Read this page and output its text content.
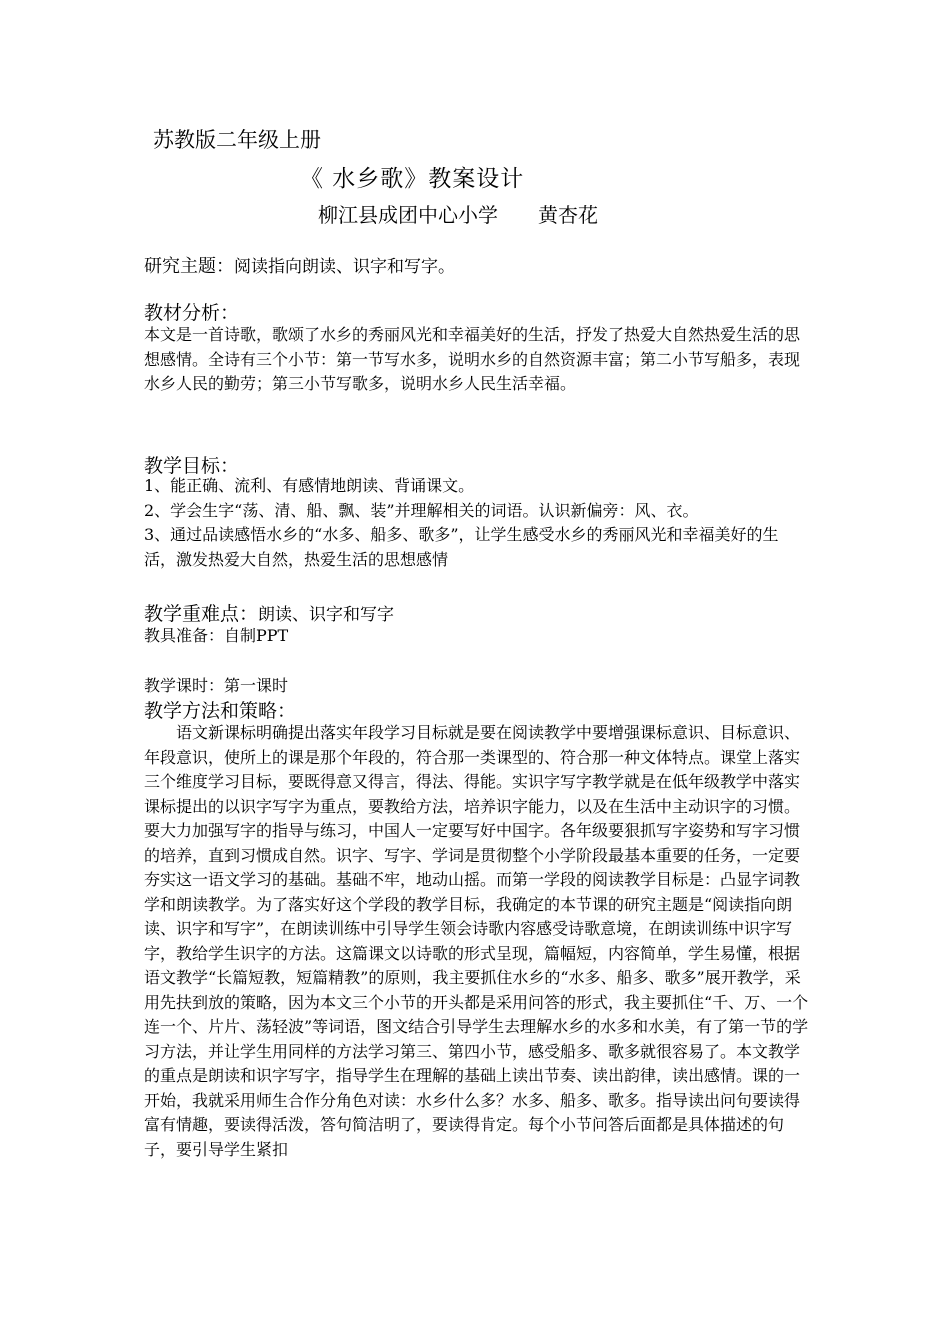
苏教版二年级上册
《 水乡歌》教案设计
柳江县成团中心小学 黄杏花
研究主题：阅读指向朗读、识字和写字。
教材分析：

本文是一首诗歌，歌颂了水乡的秀丽风光和幸福美好的生活，抒发了热爱大自然热爱生活的思想感情。全诗有三个小节：第一节写水多，说明水乡的自然资源丰富；第二小节写船多，表现水乡人民的勤劳；第三小节写歌多，说明水乡人民生活幸福。

教学目标：

1、能正确、流利、有感情地朗读、背诵课文。

2、学会生字“荡、清、船、飘、装”并理解相关的词语。认识新偏旁：风、衣。

3、通过品读感悟水乡的“水多、船多、歌多”，让学生感受水乡的秀丽风光和幸福美好的生活，激发热爱大自然，热爱生活的思想感情

教学重难点：朗读、识字和写字
教具准备：自制PPT
教学课时：第一课时
教学方法和策略：

语文新课标明确提出落实年段学习目标就是要在阅读教学中要增强课标意识、目标意识、年段意识，使所上的课是那个年段的，符合那一类课型的、符合那一种文体特点。课堂上落实三个维度学习目标，要既得意又得言，得法、得能。实识字写字教学就是在低年级教学中落实课标提出的以识字写字为重点，要教给方法，培养识字能力，以及在生活中主动识字的习惯。要大力加强写字的指导与练习，中国人一定要写好中国字。各年级要狠抓写字姿势和写字习惯的培养，直到习惯成自然。识字、写字、学词是贯彻整个小学阶段最基本重要的任务，一定要夯实这一语文学习的基础。基础不牢，地动山摇。而第一学段的阅读教学目标是：凸显字词教学和朗读教学。为了落实好这个学段的教学目标，我确定的本节课的研究主题是“阅读指向朗读、识字和写字”，在朗读训练中引导学生领会诗歌内容感受诗歌意境，在朗读训练中识字写字，教给学生识字的方法。这篇课文以诗歌的形式呈现，篇幅短，内容简单，学生易懂，根据语文教学“长篇短教，短篇精教”的原则，我主要抓住水乡的“水多、船多、歌多”展开教学，采用先扶到放的策略，因为本文三个小节的开头都是采用问答的形式，我主要抓住“千、万、一个连一个、片片、荡轻波”等词语，图文结合引导学生去理解水乡的水多和水美，有了第一节的学习方法，并让学生用同样的方法学习第三、第四小节，感受船多、歌多就很容易了。本文教学的重点是朗读和识字写字，指导学生在理解的基础上读出节奏、读出韵律，读出感情。课的一开始，我就采用师生合作分角色对读：水乡什么多？水多、船多、歌多。指导读出问句要读得富有情趣，要读得活泼，答句简洁明了，要读得肯定。每个小节问答后面都是具体描述的句子，要引导学生紧扣
